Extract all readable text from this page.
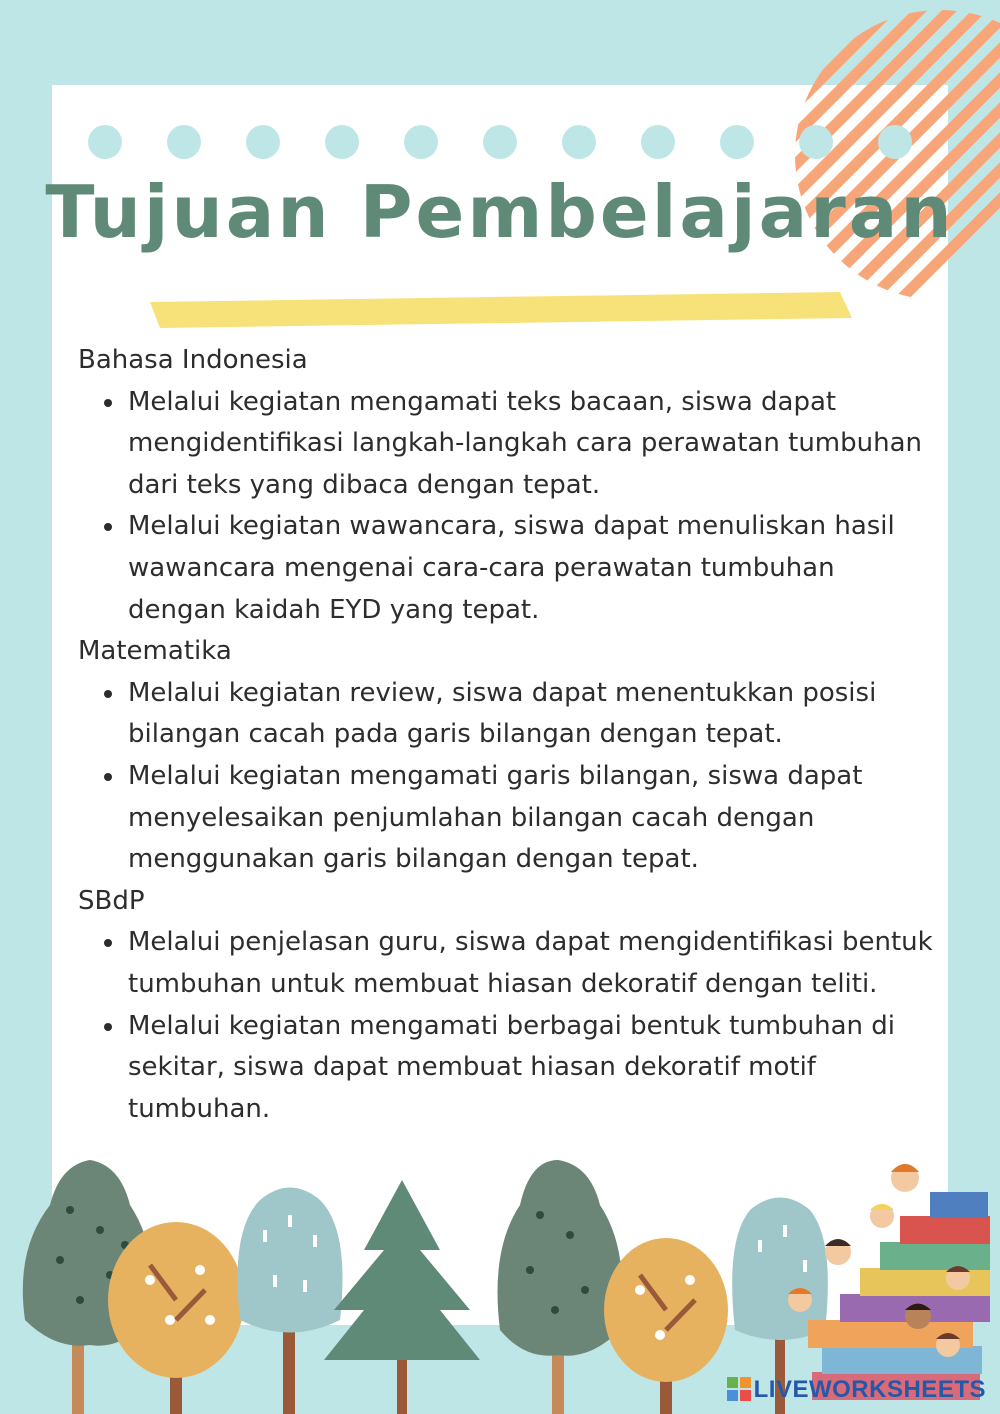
Tujuan Pembelajaran

Bahasa Indonesia

Melalui kegiatan mengamati teks bacaan, siswa dapat mengidentifikasi langkah-langkah cara perawatan tumbuhan dari teks yang dibaca dengan tepat.
Melalui kegiatan wawancara, siswa dapat menuliskan hasil wawancara mengenai cara-cara perawatan tumbuhan dengan kaidah EYD yang tepat.

Matematika

Melalui kegiatan review, siswa dapat menentukkan posisi bilangan cacah pada garis bilangan dengan tepat.
Melalui kegiatan mengamati garis bilangan, siswa dapat menyelesaikan penjumlahan bilangan cacah dengan menggunakan garis bilangan dengan tepat.

SBdP

Melalui penjelasan guru, siswa dapat mengidentifikasi bentuk tumbuhan untuk membuat hiasan dekoratif dengan teliti.
Melalui kegiatan mengamati berbagai bentuk tumbuhan di sekitar, siswa dapat membuat hiasan dekoratif motif tumbuhan.
LIVEWORKSHEETS
